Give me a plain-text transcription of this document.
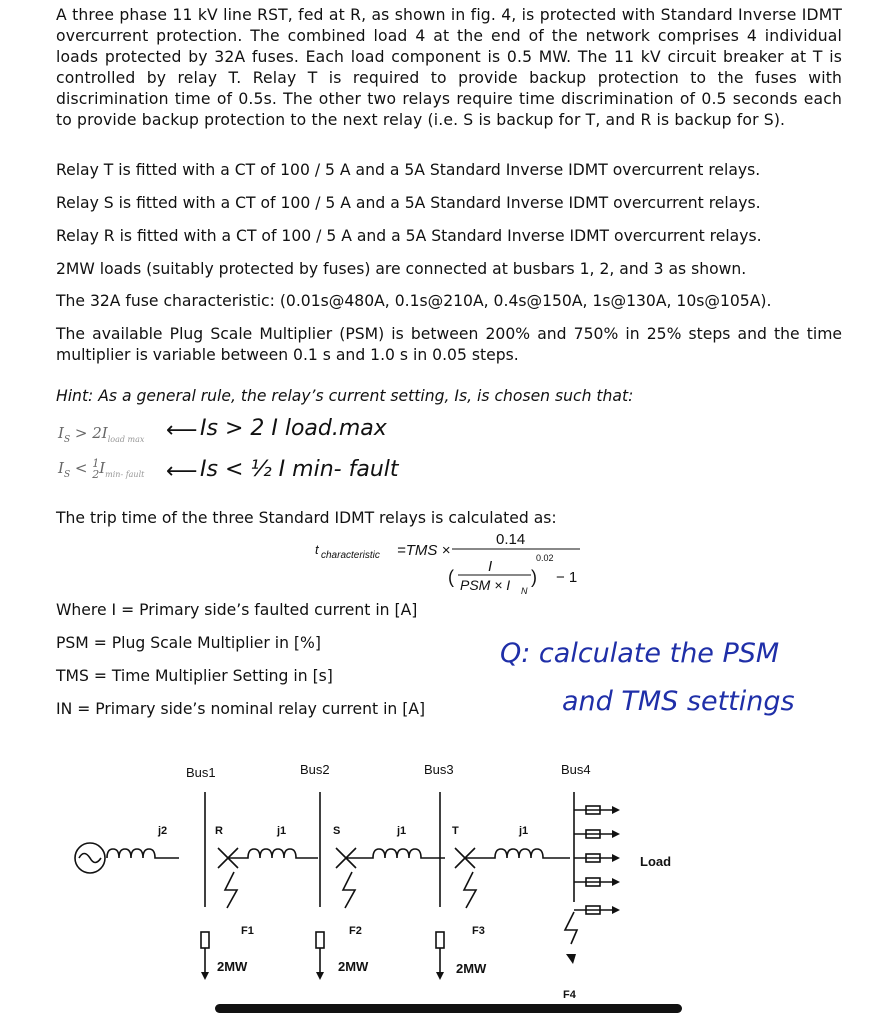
A three phase 11 kV line RST, fed at R, as shown in fig. 4, is protected with Standard Inverse IDMT overcurrent protection. The combined load 4 at the end of the network comprises 4 individual loads protected by 32A fuses. Each load component is 0.5 MW. The 11 kV circuit breaker at T is controlled by relay T. Relay T is required to provide backup protection to the fuses with discrimination time of 0.5s. The other two relays require time discrimination of 0.5 seconds each to provide backup protection to the next relay (i.e. S is backup for T, and R is backup for S).

Relay T is fitted with a CT of 100 / 5 A and a 5A Standard Inverse IDMT overcurrent relays.

Relay S is fitted with a CT of 100 / 5 A and a 5A Standard Inverse IDMT overcurrent relays.

Relay R is fitted with a CT of 100 / 5 A and a 5A Standard Inverse IDMT overcurrent relays.

2MW loads (suitably protected by fuses) are connected at busbars 1, 2, and 3 as shown.

The 32A fuse characteristic: (0.01s@480A, 0.1s@210A, 0.4s@150A, 1s@130A, 10s@105A).

The available Plug Scale Multiplier (PSM) is between 200% and 750% in 25% steps and the time multiplier is variable between 0.1 s and 1.0 s in 0.05 steps.

Hint: As a general rule, the relay’s current setting, Is, is chosen such that:

$I_S > 2I_{load max}$
$I_S < 1$
$2I_{min- fault}$
⟵ Is > 2 I load.max
⟵ Is < ½ I min- fault

The trip time of the three Standard IDMT relays is calculated as:

t characteristic =TMS ×
0.14
0.02
I
( PSM × I N
) − 1

Where I = Primary side’s faulted current in [A]

PSM = Plug Scale Multiplier in [%]

TMS = Time Multiplier Setting in [s]

IN = Primary side’s nominal relay current in [A]

Q: calculate the PSM
and TMS settings
Bus1	Bus2	Bus3	Bus4
Load
j2	j1	j1	j1
R	S	T
F1	F2	F3
F4
2MW	2MW	2MW
